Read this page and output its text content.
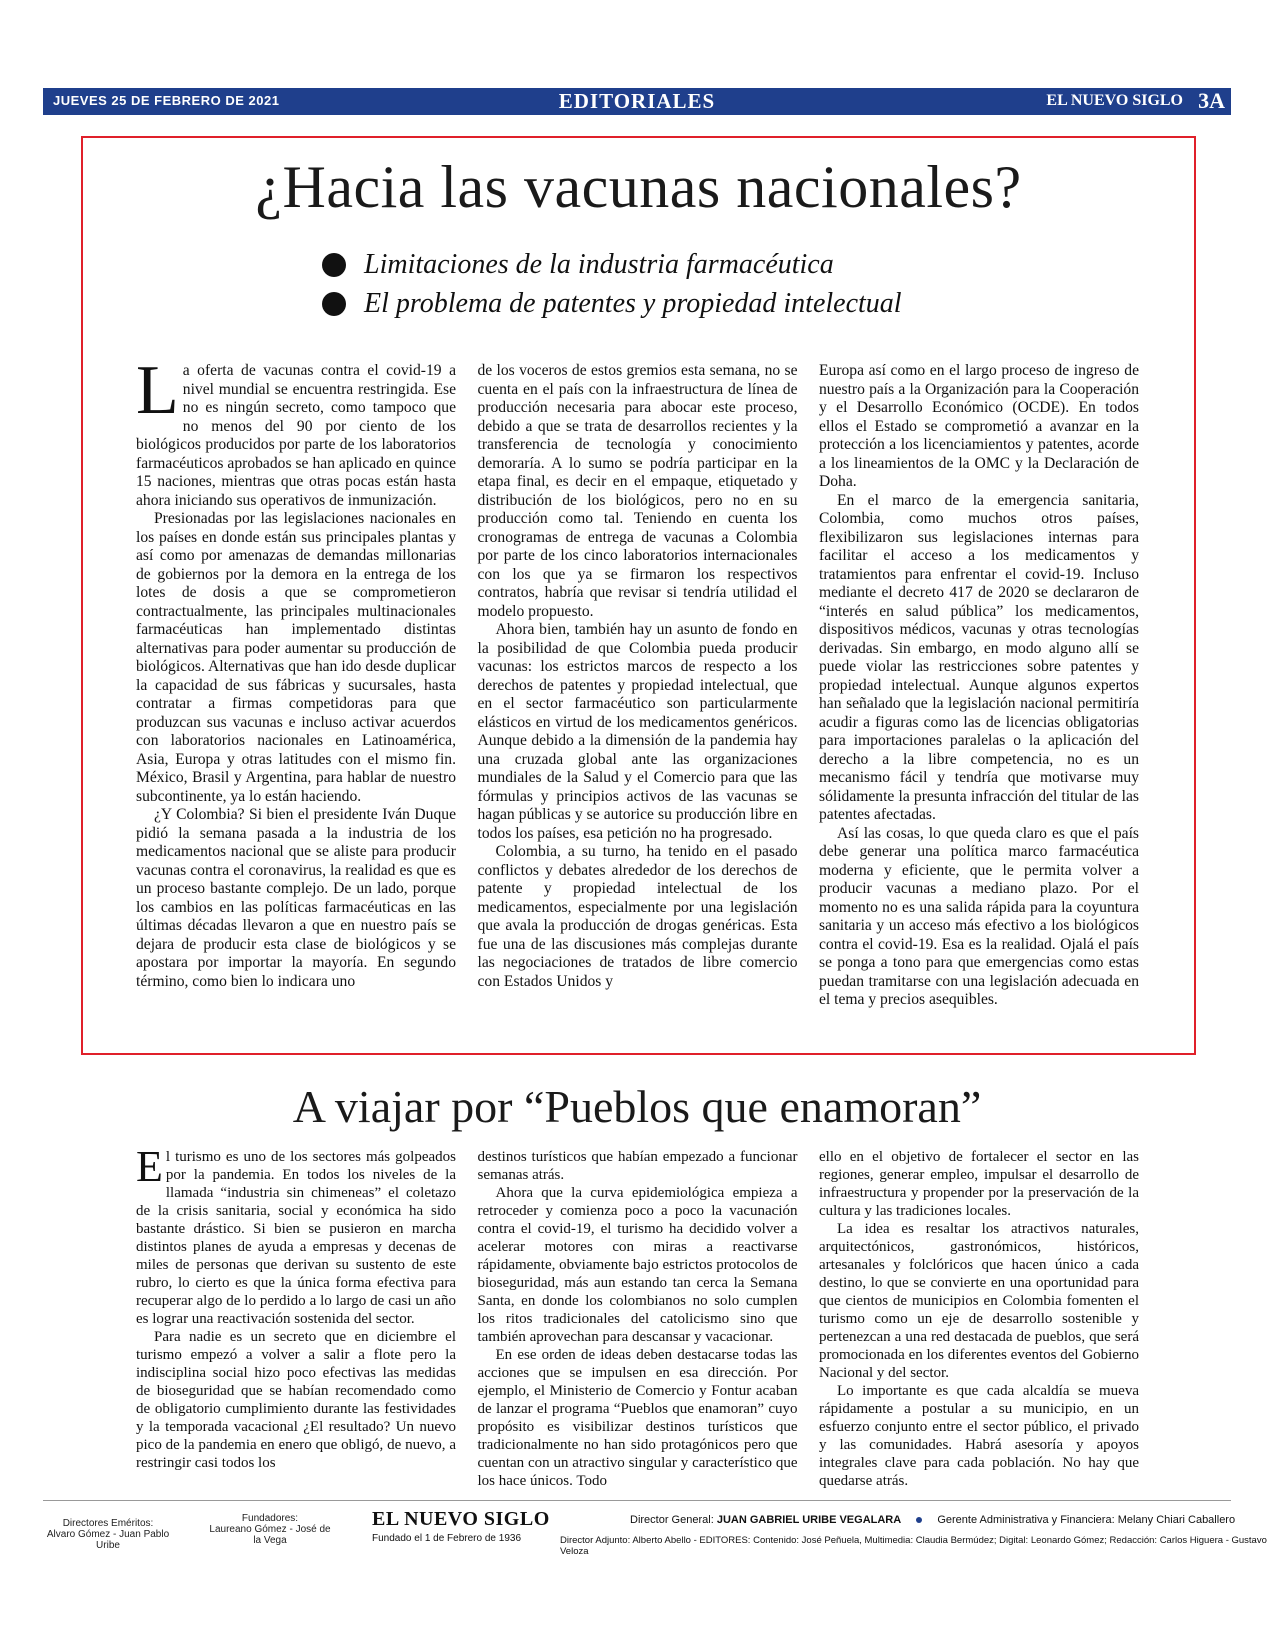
JUEVES 25 DE FEBRERO DE 2021	EDITORIALES	EL NUEVO SIGLO 3A
¿Hacia las vacunas nacionales?
Limitaciones de la industria farmacéutica
El problema de patentes y propiedad intelectual

La oferta de vacunas contra el covid-19 a nivel mundial se encuentra restringida. Ese no es ningún secreto, como tampoco que no menos del 90 por ciento de los biológicos producidos por parte de los laboratorios farmacéuticos aprobados se han aplicado en quince 15 naciones, mientras que otras pocas están hasta ahora iniciando sus operativos de inmunización.

Presionadas por las legislaciones nacionales en los países en donde están sus principales plantas y así como por amenazas de demandas millonarias de gobiernos por la demora en la entrega de los lotes de dosis a que se comprometieron contractualmente, las principales multinacionales farmacéuticas han implementado distintas alternativas para poder aumentar su producción de biológicos. Alternativas que han ido desde duplicar la capacidad de sus fábricas y sucursales, hasta contratar a firmas competidoras para que produzcan sus vacunas e incluso activar acuerdos con laboratorios nacionales en Latinoamérica, Asia, Europa y otras latitudes con el mismo fin. México, Brasil y Argentina, para hablar de nuestro subcontinente, ya lo están haciendo.

¿Y Colombia? Si bien el presidente Iván Duque pidió la semana pasada a la industria de los medicamentos nacional que se aliste para producir vacunas contra el coronavirus, la realidad es que es un proceso bastante complejo. De un lado, porque los cambios en las políticas farmacéuticas en las últimas décadas llevaron a que en nuestro país se dejara de producir esta clase de biológicos y se apostara por importar la mayoría. En segundo término, como bien lo indicara uno

de los voceros de estos gremios esta semana, no se cuenta en el país con la infraestructura de línea de producción necesaria para abocar este proceso, debido a que se trata de desarrollos recientes y la transferencia de tecnología y conocimiento demoraría. A lo sumo se podría participar en la etapa final, es decir en el empaque, etiquetado y distribución de los biológicos, pero no en su producción como tal. Teniendo en cuenta los cronogramas de entrega de vacunas a Colombia por parte de los cinco laboratorios internacionales con los que ya se firmaron los respectivos contratos, habría que revisar si tendría utilidad el modelo propuesto.

Ahora bien, también hay un asunto de fondo en la posibilidad de que Colombia pueda producir vacunas: los estrictos marcos de respecto a los derechos de patentes y propiedad intelectual, que en el sector farmacéutico son particularmente elásticos en virtud de los medicamentos genéricos. Aunque debido a la dimensión de la pandemia hay una cruzada global ante las organizaciones mundiales de la Salud y el Comercio para que las fórmulas y principios activos de las vacunas se hagan públicas y se autorice su producción libre en todos los países, esa petición no ha progresado.

Colombia, a su turno, ha tenido en el pasado conflictos y debates alrededor de los derechos de patente y propiedad intelectual de los medicamentos, especialmente por una legislación que avala la producción de drogas genéricas. Esta fue una de las discusiones más complejas durante las negociaciones de tratados de libre comercio con Estados Unidos y

Europa así como en el largo proceso de ingreso de nuestro país a la Organización para la Cooperación y el Desarrollo Económico (OCDE). En todos ellos el Estado se comprometió a avanzar en la protección a los licenciamientos y patentes, acorde a los lineamientos de la OMC y la Declaración de Doha.

En el marco de la emergencia sanitaria, Colombia, como muchos otros países, flexibilizaron sus legislaciones internas para facilitar el acceso a los medicamentos y tratamientos para enfrentar el covid-19. Incluso mediante el decreto 417 de 2020 se declararon de “interés en salud pública” los medicamentos, dispositivos médicos, vacunas y otras tecnologías derivadas. Sin embargo, en modo alguno allí se puede violar las restricciones sobre patentes y propiedad intelectual. Aunque algunos expertos han señalado que la legislación nacional permitiría acudir a figuras como las de licencias obligatorias para importaciones paralelas o la aplicación del derecho a la libre competencia, no es un mecanismo fácil y tendría que motivarse muy sólidamente la presunta infracción del titular de las patentes afectadas.

Así las cosas, lo que queda claro es que el país debe generar una política marco farmacéutica moderna y eficiente, que le permita volver a producir vacunas a mediano plazo. Por el momento no es una salida rápida para la coyuntura sanitaria y un acceso más efectivo a los biológicos contra el covid-19. Esa es la realidad. Ojalá el país se ponga a tono para que emergencias como estas puedan tramitarse con una legislación adecuada en el tema y precios asequibles.

A viajar por “Pueblos que enamoran”

El turismo es uno de los sectores más golpeados por la pandemia. En todos los niveles de la llamada “industria sin chimeneas” el coletazo de la crisis sanitaria, social y económica ha sido bastante drástico. Si bien se pusieron en marcha distintos planes de ayuda a empresas y decenas de miles de personas que derivan su sustento de este rubro, lo cierto es que la única forma efectiva para recuperar algo de lo perdido a lo largo de casi un año es lograr una reactivación sostenida del sector.

Para nadie es un secreto que en diciembre el turismo empezó a volver a salir a flote pero la indisciplina social hizo poco efectivas las medidas de bioseguridad que se habían recomendado como de obligatorio cumplimiento durante las festividades y la temporada vacacional ¿El resultado? Un nuevo pico de la pandemia en enero que obligó, de nuevo, a restringir casi todos los

destinos turísticos que habían empezado a funcionar semanas atrás.

Ahora que la curva epidemiológica empieza a retroceder y comienza poco a poco la vacunación contra el covid-19, el turismo ha decidido volver a acelerar motores con miras a reactivarse rápidamente, obviamente bajo estrictos protocolos de bioseguridad, más aun estando tan cerca la Semana Santa, en donde los colombianos no solo cumplen los ritos tradicionales del catolicismo sino que también aprovechan para descansar y vacacionar.

En ese orden de ideas deben destacarse todas las acciones que se impulsen en esa dirección. Por ejemplo, el Ministerio de Comercio y Fontur acaban de lanzar el programa “Pueblos que enamoran” cuyo propósito es visibilizar destinos turísticos que tradicionalmente no han sido protagónicos pero que cuentan con un atractivo singular y característico que los hace únicos. Todo

ello en el objetivo de fortalecer el sector en las regiones, generar empleo, impulsar el desarrollo de infraestructura y propender por la preservación de la cultura y las tradiciones locales.

La idea es resaltar los atractivos naturales, arquitectónicos, gastronómicos, históricos, artesanales y folclóricos que hacen único a cada destino, lo que se convierte en una oportunidad para que cientos de municipios en Colombia fomenten el turismo como un eje de desarrollo sostenible y pertenezcan a una red destacada de pueblos, que será promocionada en los diferentes eventos del Gobierno Nacional y del sector.

Lo importante es que cada alcaldía se mueva rápidamente a postular a su municipio, en un esfuerzo conjunto entre el sector público, el privado y las comunidades. Habrá asesoría y apoyos integrales clave para cada población. No hay que quedarse atrás.

Directores Eméritos:
Alvaro Gómez - Juan Pablo Uribe
Fundadores:
Laureano Gómez - José de la Vega
EL NUEVO SIGLO
Fundado el 1 de Febrero de 1936
Director General: JUAN GABRIEL URIBE VEGALARA	Gerente Administrativa y Financiera: Melany Chiari Caballero
Director Adjunto: Alberto Abello - EDITORES: Contenido: José Peñuela, Multimedia: Claudia Bermúdez; Digital: Leonardo Gómez; Redacción: Carlos Higuera - Gustavo Veloza
